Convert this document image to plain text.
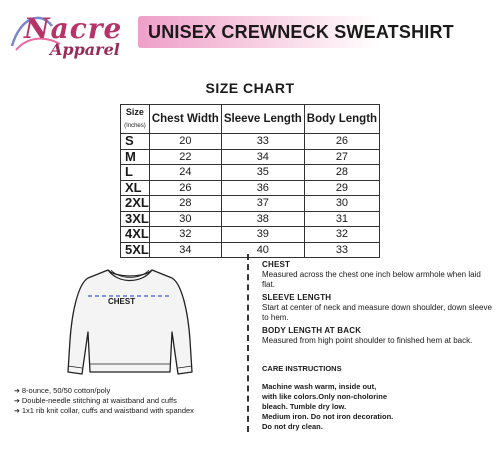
Nacre
Apparel
UNISEX CREWNECK SWEATSHIRT
SIZE CHART
Size
(Inches)	Chest Width	Sleeve Length	Body Length
S	20	33	26
M	22	34	27
L	24	35	28
XL	26	36	29
2XL	28	37	30
3XL	30	38	31
4XL	32	39	32
5XL	34	40	33
CHEST
➔ 8-ounce, 50/50 cotton/poly
➔ Double-needle stitching at waistband and cuffs
➔ 1x1 rib knit collar, cuffs and waistband with spandex
CHEST
Measured across the chest one inch below armhole when laid flat.
SLEEVE LENGTH
Start at center of neck and measure down shoulder, down sleeve to hem.
BODY LENGTH AT BACK
Measured from high point shoulder to finished hem at back.
CARE INSTRUCTIONS
Machine wash warm, inside out,
with like colors.Only non-cholorine
bleach. Tumble dry low.
Medium iron. Do not iron decoration.
Do not dry clean.
